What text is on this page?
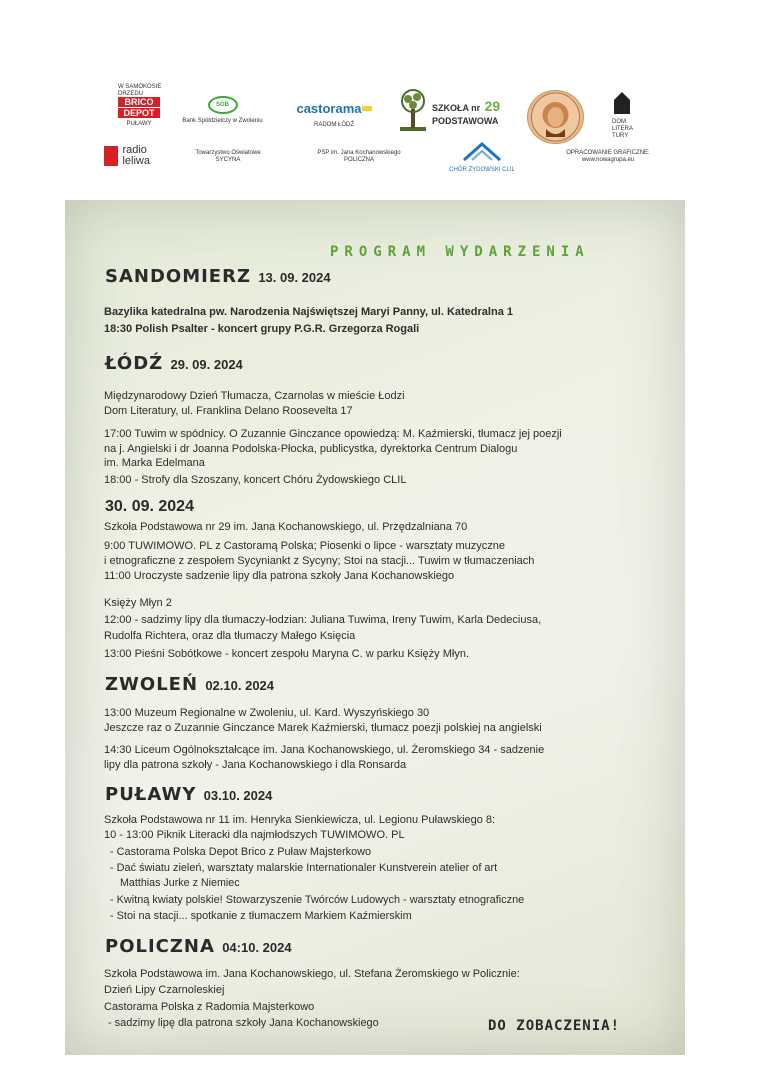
W SAMOKOSIE DRZEDU
BRICO
DEPOT
PUŁAWY
SGB
Bank Spółdzielczy w Zwoleniu
castorama
RADOM ŁÓDŹ
SZKOŁA nr 29
PODSTAWOWA	DOM LITERA TURY
radio
leliwa
Towarzystwo Oświatowe
SYCYNA
PSP im. Jana Kochanowskiego
POLICZNA
CHÓR ŻYDOWSKI CLIL
OPRACOWANIE GRAFICZNE:
www.nowagrupa.eu
PROGRAM WYDARZENIA
SANDOMIERZ 13. 09. 2024
Bazylika katedralna pw. Narodzenia Najświętszej Maryi Panny, ul. Katedralna 1
18:30 Polish Psalter - koncert grupy P.G.R. Grzegorza Rogali
ŁÓDŹ 29. 09. 2024
Międzynarodowy Dzień Tłumacza, Czarnolas w mieście Łodzi
Dom Literatury, ul. Franklina Delano Roosevelta 17
17:00 Tuwim w spódnicy. O Zuzannie Ginczance opowiedzą: M. Kaźmierski, tłumacz jej poezji
na j. Angielski i dr Joanna Podolska-Płocka, publicystka, dyrektorka Centrum Dialogu
im. Marka Edelmana
18:00 - Strofy dla Szoszany, koncert Chóru Żydowskiego CLIL
30. 09. 2024
Szkoła Podstawowa nr 29 im. Jana Kochanowskiego, ul. Przędzalniana 70
9:00 TUWIMOWO. PL z Castoramą Polska; Piosenki o lipce - warsztaty muzyczne
i etnograficzne z zespołem Sycyniankt z Sycyny; Stoi na stacji... Tuwim w tłumaczeniach
11:00 Uroczyste sadzenie lipy dla patrona szkoły Jana Kochanowskiego
Księży Młyn 2
12:00 - sadzimy lipy dla tłumaczy-łodzian: Juliana Tuwima, Ireny Tuwim, Karla Dedeciusa,
Rudolfa Richtera, oraz dla tłumaczy Małego Księcia
13:00 Pieśni Sobótkowe - koncert zespołu Maryna C. w parku Księży Młyn.
ZWOLEŃ 02.10. 2024
13:00 Muzeum Regionalne w Zwoleniu, ul. Kard. Wyszyńskiego 30
Jeszcze raz o Zuzannie Ginczance Marek Kaźmierski, tłumacz poezji polskiej na angielski
14:30 Liceum Ogólnokształcące im. Jana Kochanowskiego, ul. Żeromskiego 34 - sadzenie
lipy dla patrona szkoły - Jana Kochanowskiego i dla Ronsarda
PUŁAWY 03.10. 2024
Szkoła Podstawowa nr 11 im. Henryka Sienkiewicza, ul. Legionu Puławskiego 8:
10 - 13:00 Piknik Literacki dla najmłodszych TUWIMOWO. PL
- Castorama Polska Depot Brico z Puław Majsterkowo
- Dać światu zieleń, warsztaty malarskie Internationaler Kunstverein atelier of art
Matthias Jurke z Niemiec
- Kwitną kwiaty polskie! Stowarzyszenie Twórców Ludowych - warsztaty etnograficzne
- Stoi na stacji... spotkanie z tłumaczem Markiem Kaźmierskim
POLICZNA 04:10. 2024
Szkoła Podstawowa im. Jana Kochanowskiego, ul. Stefana Żeromskiego w Policznie:
Dzień Lipy Czarnoleskiej
Castorama Polska z Radomia Majsterkowo
- sadzimy lipę dla patrona szkoły Jana Kochanowskiego	DO ZOBACZENIA!
